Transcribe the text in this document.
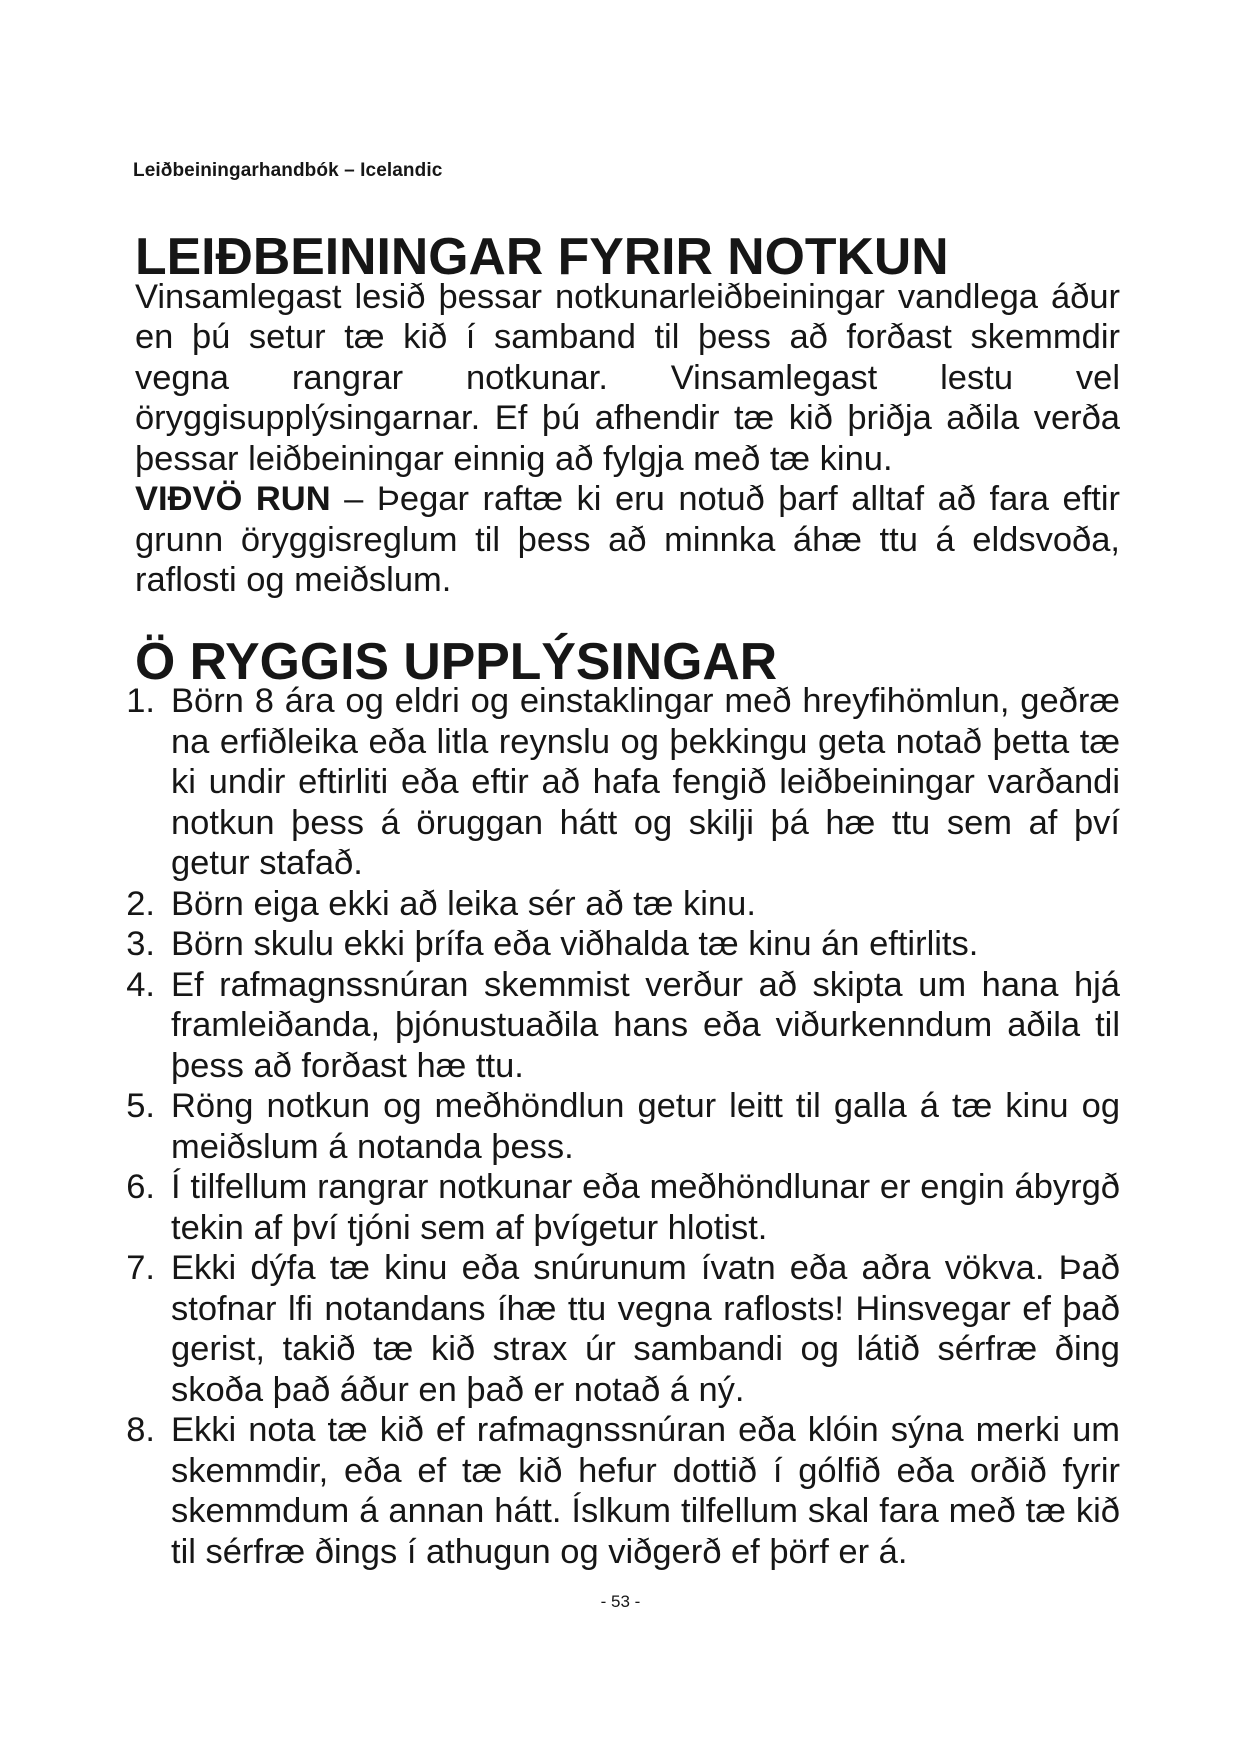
Leiðbeiningarhandbók – Icelandic
LEIÐBEININGAR FYRIR NOTKUN

Vinsamlegast lesið þessar notkunarleiðbeiningar vandlega áður en þú setur tæ kið í samband til þess að forðast skemmdir vegna rangrar notkunar. Vinsamlegast lestu vel öryggisupplýsingarnar. Ef þú afhendir tæ kið þriðja aðila verða þessar leiðbeiningar einnig að fylgja með tæ kinu.

VIÐVÖ RUN – Þegar raftæ ki eru notuð þarf alltaf að fara eftir grunn öryggisreglum til þess að minnka áhæ ttu á eldsvoða, raflosti og meiðslum.

Ö RYGGIS UPPLÝSINGAR
1. Börn 8 ára og eldri og einstaklingar með hreyfihömlun, geðræ na erfiðleika eða litla reynslu og þekkingu geta notað þetta tæ ki undir eftirliti eða eftir að hafa fengið leiðbeiningar varðandi notkun þess á öruggan hátt og skilji þá hæ ttu sem af því getur stafað.
2. Börn eiga ekki að leika sér að tæ kinu.
3. Börn skulu ekki þrífa eða viðhalda tæ kinu án eftirlits.
4. Ef rafmagnssnúran skemmist verður að skipta um hana hjá framleiðanda, þjónustuaðila hans eða viðurkenndum aðila til þess að forðast hæ ttu.
5. Röng notkun og meðhöndlun getur leitt til galla á tæ kinu og meiðslum á notanda þess.
6. Í tilfellum rangrar notkunar eða meðhöndlunar er engin ábyrgð tekin af því tjóni sem af þvígetur hlotist.
7. Ekki dýfa tæ kinu eða snúrunum ívatn eða aðra vökva. Það stofnar lfi notandans íhæ ttu vegna raflosts! Hinsvegar ef það gerist, takið tæ kið strax úr sambandi og látið sérfræ ðing skoða það áður en það er notað á ný.
8. Ekki nota tæ kið ef rafmagnssnúran eða klóin sýna merki um skemmdir, eða ef tæ kið hefur dottið í gólfið eða orðið fyrir skemmdum á annan hátt. Íslkum tilfellum skal fara með tæ kið til sérfræ ðings í athugun og viðgerð ef þörf er á.
- 53 -
